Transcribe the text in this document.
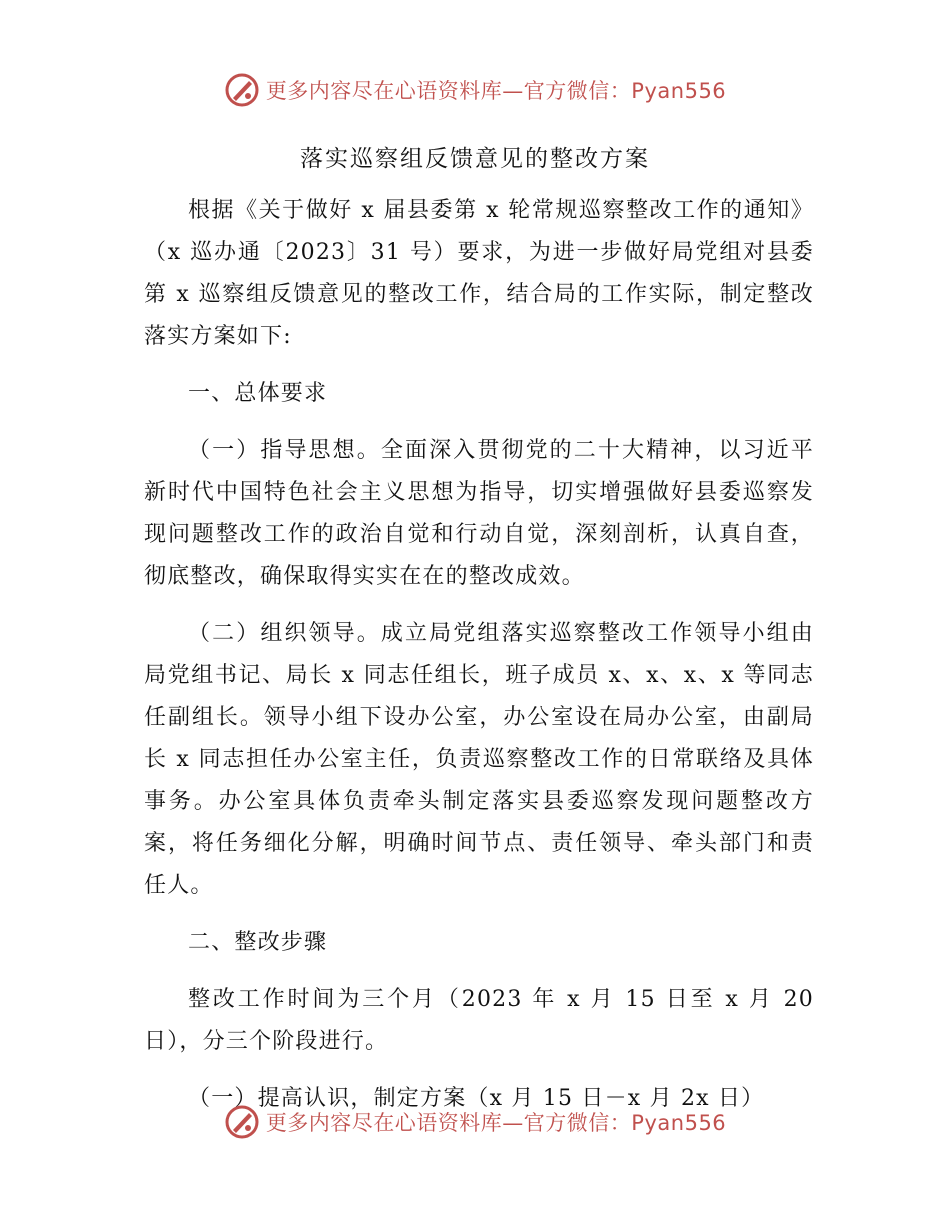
更多内容尽在心语资料库—官方微信：Pyan556
落实巡察组反馈意见的整改方案

根据《关于做好 x 届县委第 x 轮常规巡察整改工作的通知》（x 巡办通〔2023〕31 号）要求，为进一步做好局党组对县委第 x 巡察组反馈意见的整改工作，结合局的工作实际，制定整改落实方案如下:

一、总体要求

（一）指导思想。全面深入贯彻党的二十大精神，以习近平新时代中国特色社会主义思想为指导，切实增强做好县委巡察发现问题整改工作的政治自觉和行动自觉，深刻剖析，认真自查，彻底整改，确保取得实实在在的整改成效。

（二）组织领导。成立局党组落实巡察整改工作领导小组由局党组书记、局长 x 同志任组长，班子成员 x、x、x、x 等同志任副组长。领导小组下设办公室，办公室设在局办公室，由副局长 x 同志担任办公室主任，负责巡察整改工作的日常联络及具体事务。办公室具体负责牵头制定落实县委巡察发现问题整改方案，将任务细化分解，明确时间节点、责任领导、牵头部门和责任人。

二、整改步骤

整改工作时间为三个月（2023 年 x 月 15 日至 x 月 20 日），分三个阶段进行。

（一）提高认识，制定方案（x 月 15 日－x 月 2x 日）

更多内容尽在心语资料库—官方微信：Pyan556
